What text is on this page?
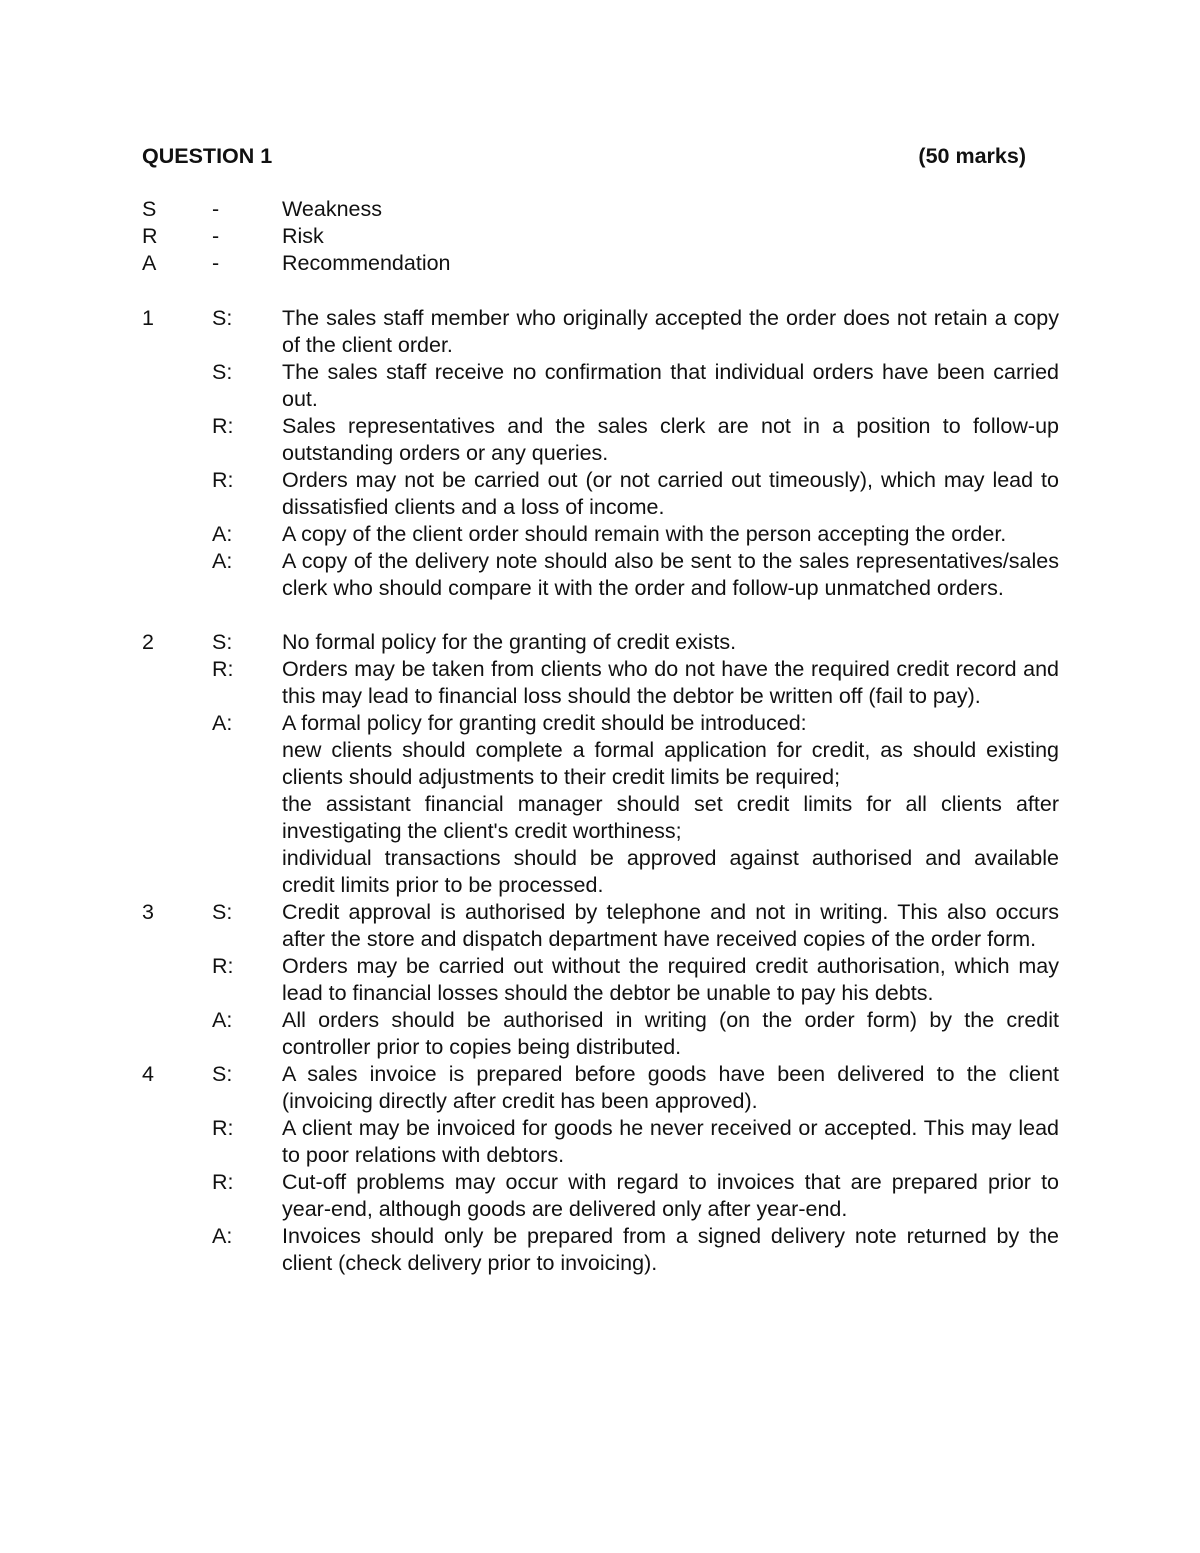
QUESTION 1	(50 marks)
S	-	Weakness
R	-	Risk
A	-	Recommendation
1	S: The sales staff member who originally accepted the order does not retain a copy of the client order.

S: The sales staff receive no confirmation that individual orders have been carried out.

R: Sales representatives and the sales clerk are not in a position to follow-up outstanding orders or any queries.

R: Orders may not be carried out (or not carried out timeously), which may lead to dissatisfied clients and a loss of income.

A: A copy of the client order should remain with the person accepting the order.

A: A copy of the delivery note should also be sent to the sales representatives/sales clerk who should compare it with the order and follow-up unmatched orders.

2	S: No formal policy for the granting of credit exists.

R: Orders may be taken from clients who do not have the required credit record and this may lead to financial loss should the debtor be written off (fail to pay).

A: A formal policy for granting credit should be introduced:

new clients should complete a formal application for credit, as should existing clients should adjustments to their credit limits be required;

the assistant financial manager should set credit limits for all clients after investigating the client's credit worthiness;

individual transactions should be approved against authorised and available credit limits prior to be processed.

3	S: Credit approval is authorised by telephone and not in writing. This also occurs after the store and dispatch department have received copies of the order form.

R: Orders may be carried out without the required credit authorisation, which may lead to financial losses should the debtor be unable to pay his debts.

A: All orders should be authorised in writing (on the order form) by the credit controller prior to copies being distributed.

4	S: A sales invoice is prepared before goods have been delivered to the client (invoicing directly after credit has been approved).

R: A client may be invoiced for goods he never received or accepted. This may lead to poor relations with debtors.

R: Cut-off problems may occur with regard to invoices that are prepared prior to year-end, although goods are delivered only after year-end.

A: Invoices should only be prepared from a signed delivery note returned by the client (check delivery prior to invoicing).
